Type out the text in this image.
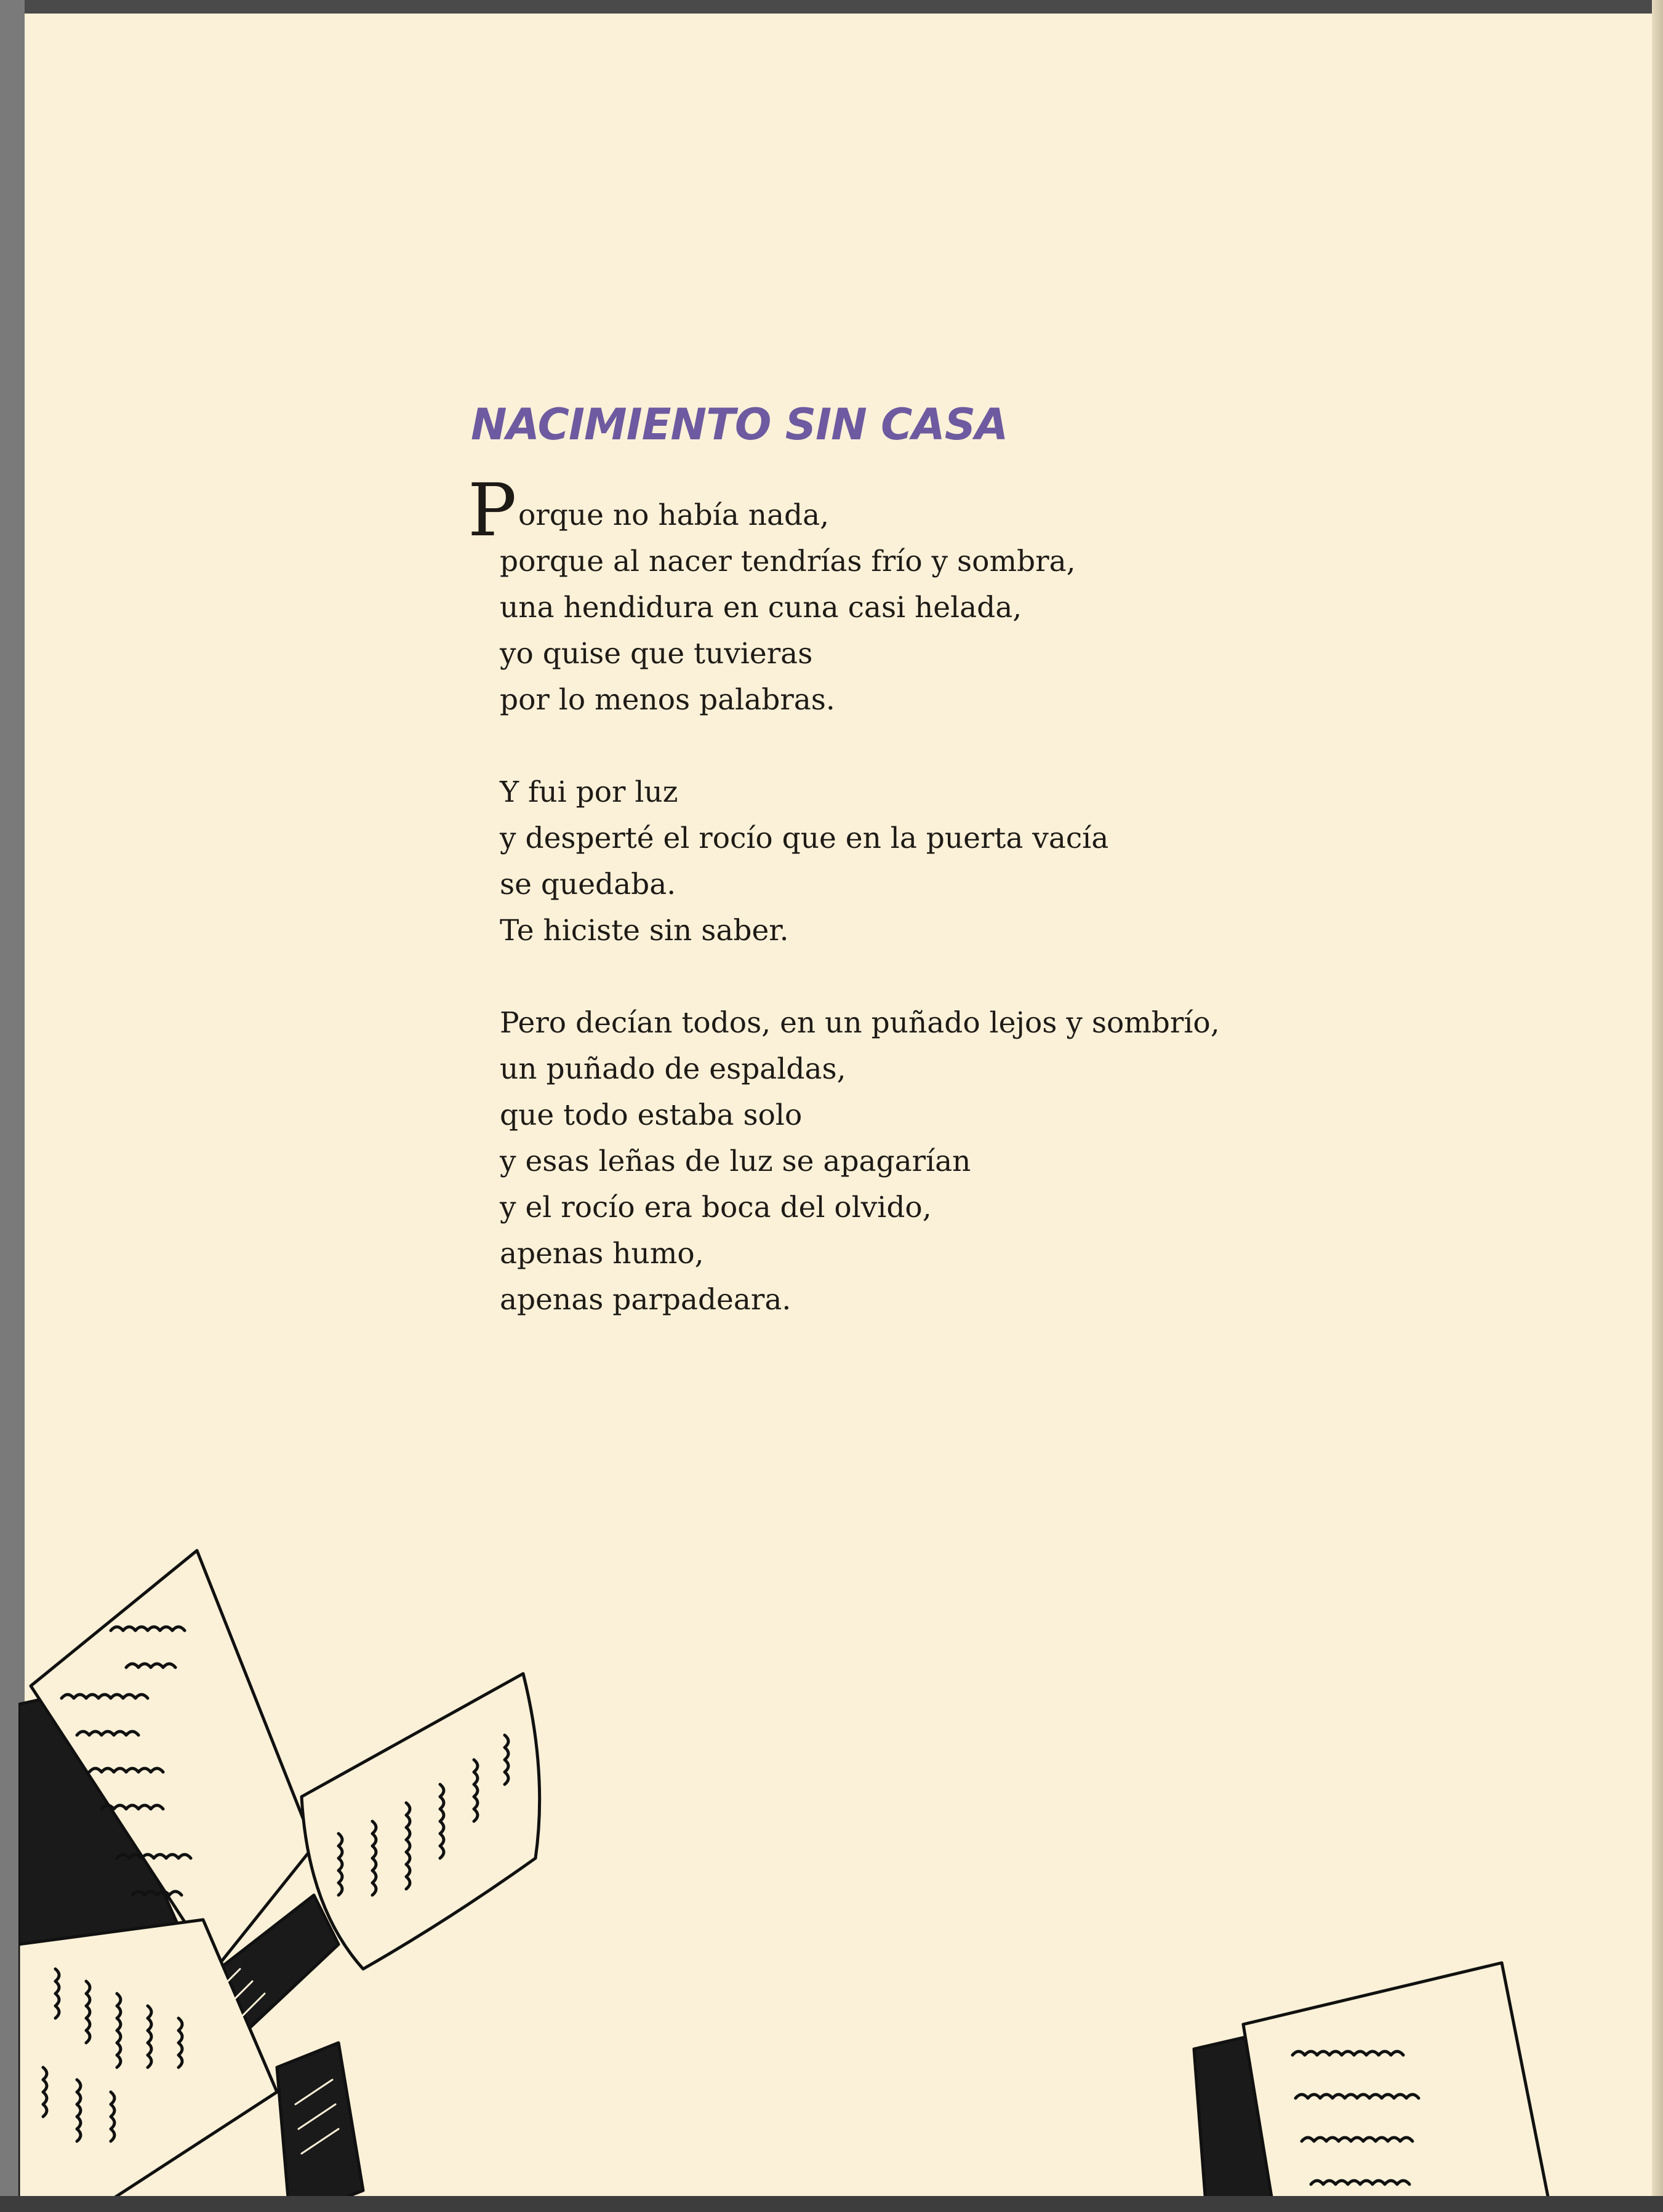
NACIMIENTO SIN CASA
P orque no había nada,
porque al nacer tendrías frío y sombra,
una hendidura en cuna casi helada,
yo quise que tuvieras
por lo menos palabras.
Y fui por luz
y desperté el rocío que en la puerta vacía
se quedaba.
Te hiciste sin saber.
Pero decían todos, en un puñado lejos y sombrío,
un puñado de espaldas,
que todo estaba solo
y esas leñas de luz se apagarían
y el rocío era boca del olvido,
apenas humo,
apenas parpadeara.
